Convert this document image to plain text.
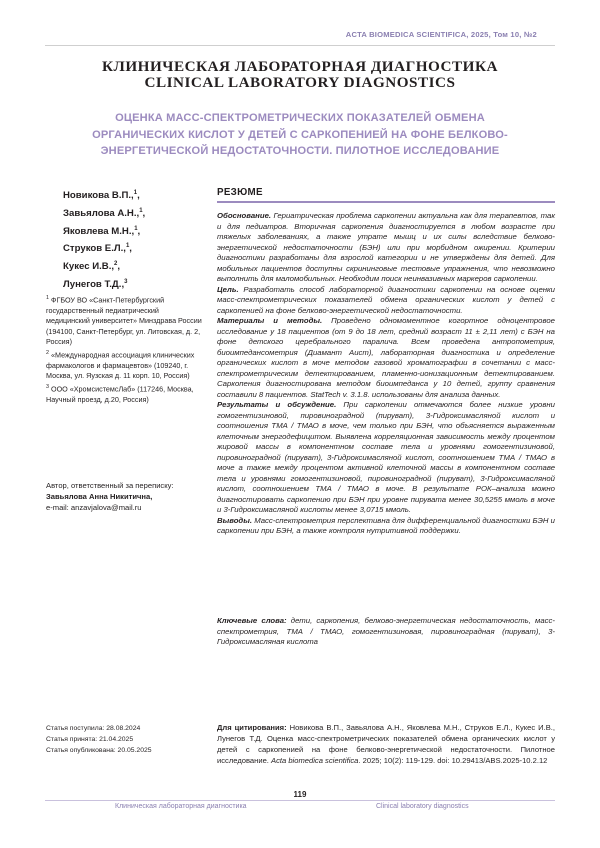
ACTA BIOMEDICA SCIENTIFICA, 2025, Том 10, №2
КЛИНИЧЕСКАЯ ЛАБОРАТОРНАЯ ДИАГНОСТИКА
CLINICAL LABORATORY DIAGNOSTICS
ОЦЕНКА МАСС-СПЕКТРОМЕТРИЧЕСКИХ ПОКАЗАТЕЛЕЙ ОБМЕНА
ОРГАНИЧЕСКИХ КИСЛОТ У ДЕТЕЙ С САРКОПЕНИЕЙ НА ФОНЕ БЕЛКОВО-
ЭНЕРГЕТИЧЕСКОЙ НЕДОСТАТОЧНОСТИ. ПИЛОТНОЕ ИССЛЕДОВАНИЕ
Новикова В.П.,1,
Завьялова А.Н.,1,
Яковлева М.Н.,1,
Струков Е.Л.,1,
Кукес И.В.,2,
Лунегов Т.Д.,3
1 ФГБОУ ВО «Санкт-Петербургский государственный педиатрический медицинский университет» Минздрава России (194100, Санкт-Петербург, ул. Литовская, д. 2, Россия)
2 «Международная ассоциация клинических фармакологов и фармацевтов» (109240, г. Москва, ул. Яузская д. 11 корп. 10, Россия)
3 ООО «ХромсистемсЛаб» (117246, Москва, Научный проезд, д.20, Россия)
Автор, ответственный за переписку:
Завьялова Анна Никитична,
e-mail: anzavjalova@mail.ru
РЕЗЮМЕ

Обоснование. Гериатрическая проблема саркопении актуальна как для терапевтов, так и для педиатров. Вторичная саркопения диагностируется в любом возрасте при тяжелых заболеваниях, а также утрате мышц и их силы вследствие белково-энергетической недостаточности (БЭН) или при морбидном ожирении. Критерии диагностики разработаны для взрослой категории и не утверждены для детей. Для мобильных пациентов доступны скрининговые тестовые упражнения, что невозможно выполнить для маломобильных. Необходим поиск неинвазивных маркеров саркопении.

Цель. Разработать способ лабораторной диагностики саркопении на основе оценки масс-спектрометрических показателей обмена органических кислот у детей с саркопенией на фоне белково-энергетической недостаточности.

Материалы и методы. Проведено одномоментное когортное одноцентровое исследование у 18 пациентов (от 9 до 18 лет, средний возраст 11 ± 2,11 лет) с БЭН на фоне детского церебрального паралича. Всем проведена антропометрия, биоимпедансометрия (Диамант Аист), лабораторная диагностика и определение органических кислот в моче методом газовой хроматографии в сочетании с масс-спектрометрическим детектированием, пламенно-ионизационным детектированием. Саркопения диагностирована методом биоимпеданса у 10 детей, группу сравнения составили 8 пациентов. StatTech v. 3.1.8. использованы для анализа данных.

Результаты и обсуждение. При саркопении отмечаются более низкие уровни гомогентизиновой, пировиноградной (пируват), 3-Гидроксимасляной кислот и соотношения ТМА / ТМАО в моче, чем только при БЭН, что объясняется выраженным клеточным энергодефицитом. Выявлена корреляционная зависимость между процентом жировой массы в компонентном составе тела и уровнями гомогентизиновой, пировиноградной (пируват), 3-Гидроксимасляной кислот, соотношением ТМА / ТМАО в моче а также между процентом активной клеточной массы в компонентном составе тела и уровнями гомогентизиновой, пировиноградной (пируват), 3-Гидроксимасляной кислот, соотношением ТМА / ТМАО в моче. В результате РОК–анализа можно диагностировать саркопению при БЭН при уровне пирувата менее 30,5255 ммоль в моче и 3-Гидроксимасляной кислоты менее 3,0715 ммоль.

Выводы. Масс-спектрометрия перспективна для дифференциальной диагностики БЭН и саркопении при БЭН, а также контроля нутритивной поддержки.

Ключевые слова: дети, саркопения, белково-энергетическая недостаточность, масс-спектрометрия, ТМА / ТМАО, гомогентизиновая, пировиноградная (пируват), 3-Гидроксимасляная кислота
Статья поступила: 28.08.2024
Статья принята: 21.04.2025
Статья опубликована: 20.05.2025
Для цитирования: Новикова В.П., Завьялова А.Н., Яковлева М.Н., Струков Е.Л., Кукес И.В., Лунегов Т.Д. Оценка масс-спектрометрических показателей обмена органических кислот у детей с саркопенией на фоне белково-энергетической недостаточности. Пилотное исследование. Acta biomedica scientifica. 2025; 10(2): 119-129. doi: 10.29413/ABS.2025-10.2.12
119
Клиническая лабораторная диагностика	Clinical laboratory diagnostics
